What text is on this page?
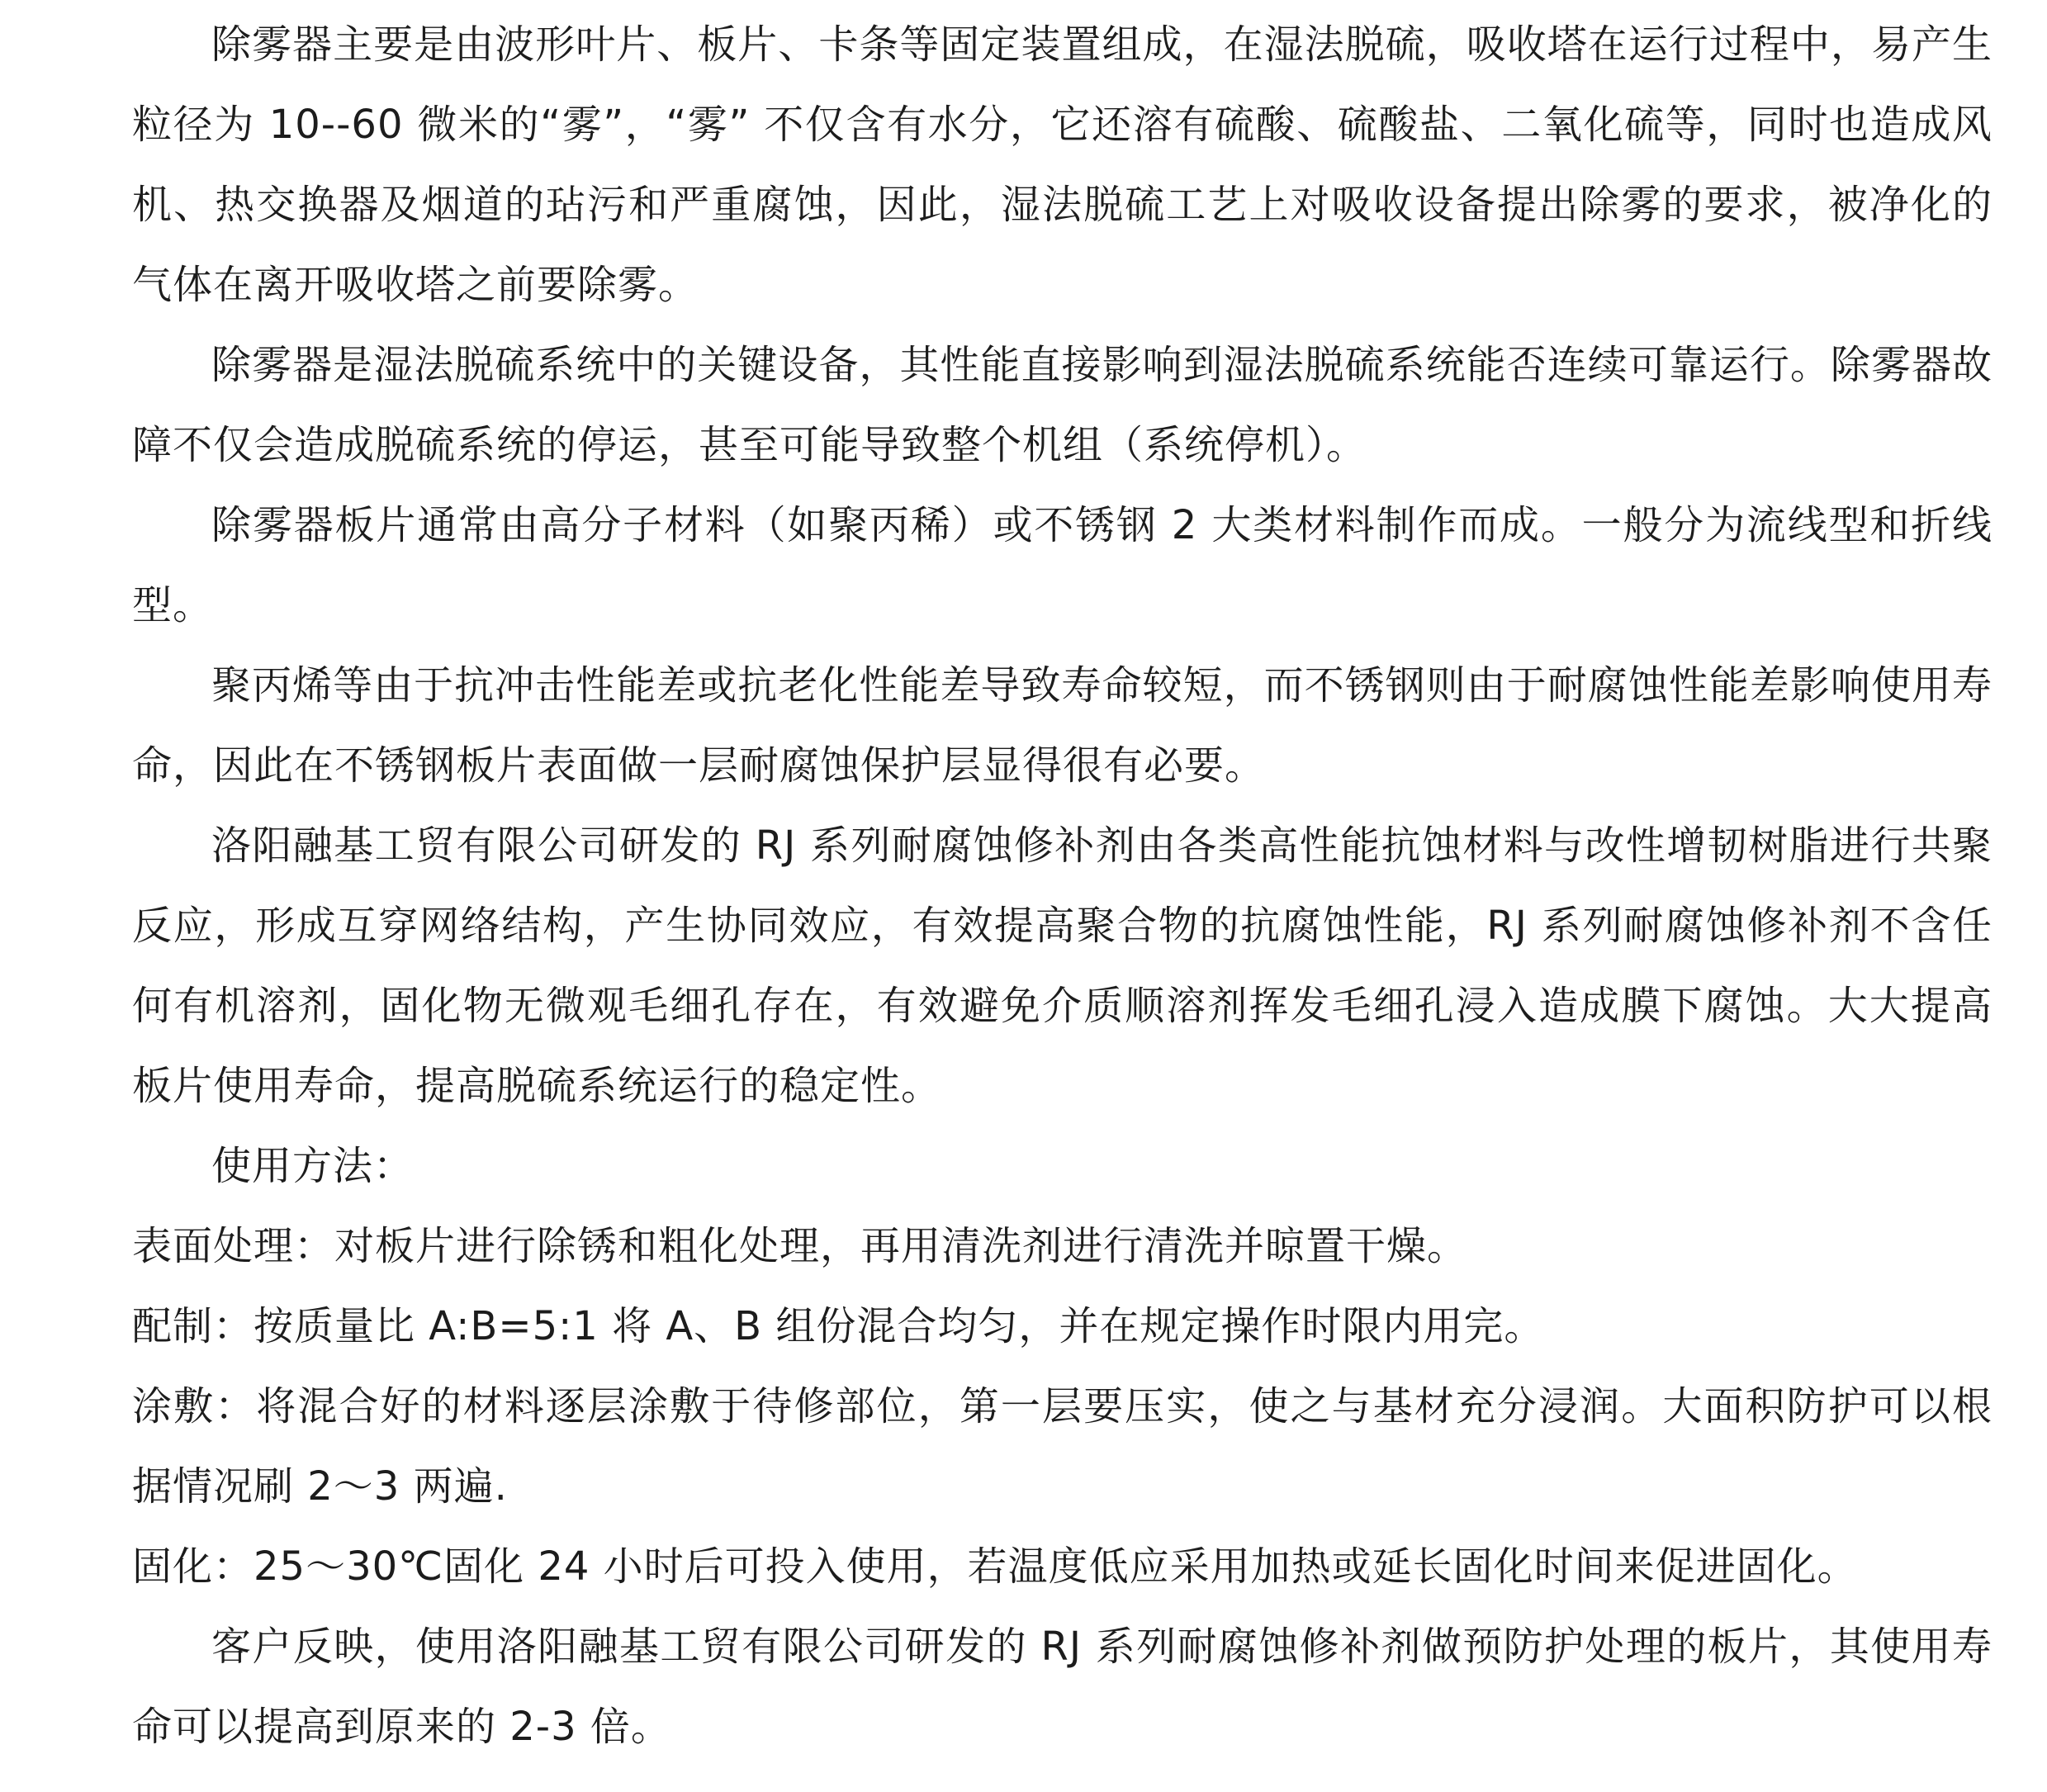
除雾器主要是由波形叶片、板片、卡条等固定装置组成，在湿法脱硫，吸收塔在运行过程中，易产生粒径为 10--60 微米的“雾”，“雾” 不仅含有水分，它还溶有硫酸、硫酸盐、二氧化硫等，同时也造成风机、热交换器及烟道的玷污和严重腐蚀，因此，湿法脱硫工艺上对吸收设备提出除雾的要求，被净化的气体在离开吸收塔之前要除雾。

除雾器是湿法脱硫系统中的关键设备，其性能直接影响到湿法脱硫系统能否连续可靠运行。除雾器故障不仅会造成脱硫系统的停运，甚至可能导致整个机组（系统停机）。

除雾器板片通常由高分子材料（如聚丙稀）或不锈钢 2 大类材料制作而成。一般分为流线型和折线型。

聚丙烯等由于抗冲击性能差或抗老化性能差导致寿命较短，而不锈钢则由于耐腐蚀性能差影响使用寿命，因此在不锈钢板片表面做一层耐腐蚀保护层显得很有必要。

洛阳融基工贸有限公司研发的 RJ 系列耐腐蚀修补剂由各类高性能抗蚀材料与改性增韧树脂进行共聚反应，形成互穿网络结构，产生协同效应，有效提高聚合物的抗腐蚀性能，RJ 系列耐腐蚀修补剂不含任何有机溶剂，固化物无微观毛细孔存在，有效避免介质顺溶剂挥发毛细孔浸入造成膜下腐蚀。大大提高板片使用寿命，提高脱硫系统运行的稳定性。

使用方法：

表面处理：对板片进行除锈和粗化处理，再用清洗剂进行清洗并晾置干燥。

配制：按质量比 A:B=5:1 将 A、B 组份混合均匀，并在规定操作时限内用完。

涂敷：将混合好的材料逐层涂敷于待修部位，第一层要压实，使之与基材充分浸润。大面积防护可以根据情况刷 2～3 两遍.

固化：25～30℃固化 24 小时后可投入使用，若温度低应采用加热或延长固化时间来促进固化。

客户反映，使用洛阳融基工贸有限公司研发的 RJ 系列耐腐蚀修补剂做预防护处理的板片，其使用寿命可以提高到原来的 2-3 倍。
